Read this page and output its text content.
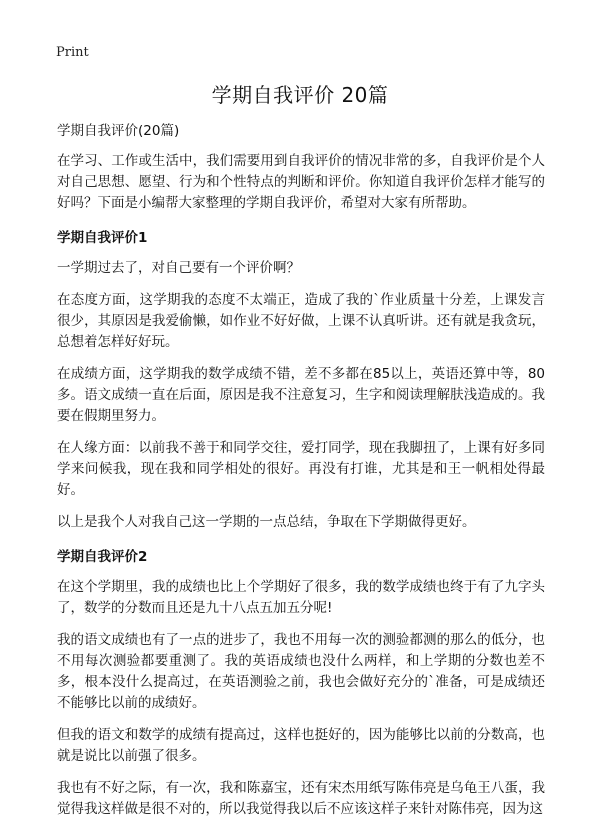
Print
学期自我评价 20篇

学期自我评价(20篇)

在学习、工作或生活中，我们需要用到自我评价的情况非常的多，自我评价是个人对自己思想、愿望、行为和个性特点的判断和评价。你知道自我评价怎样才能写的好吗？下面是小编帮大家整理的学期自我评价，希望对大家有所帮助。

学期自我评价1

一学期过去了，对自己要有一个评价啊？

在态度方面，这学期我的态度不太端正，造成了我的`作业质量十分差，上课发言很少，其原因是我爱偷懒，如作业不好好做，上课不认真听讲。还有就是我贪玩，总想着怎样好好玩。

在成绩方面，这学期我的数学成绩不错，差不多都在85以上，英语还算中等，80多。语文成绩一直在后面，原因是我不注意复习，生字和阅读理解肤浅造成的。我要在假期里努力。

在人缘方面：以前我不善于和同学交往，爱打同学，现在我脚扭了，上课有好多同学来问候我，现在我和同学相处的很好。再没有打谁，尤其是和王一帆相处得最好。

以上是我个人对我自己这一学期的一点总结，争取在下学期做得更好。

学期自我评价2

在这个学期里，我的成绩也比上个学期好了很多，我的数学成绩也终于有了九字头了，数学的分数而且还是九十八点五加五分呢!

我的语文成绩也有了一点的进步了，我也不用每一次的测验都测的那么的低分，也不用每次测验都要重测了。我的英语成绩也没什么两样，和上学期的分数也差不多，根本没什么提高过，在英语测验之前，我也会做好充分的`准备，可是成绩还不能够比以前的成绩好。

但我的语文和数学的成绩有提高过，这样也挺好的，因为能够比以前的分数高，也就是说比以前强了很多。

我也有不好之际，有一次，我和陈嘉宝，还有宋杰用纸写陈伟亮是乌龟王八蛋，我觉得我这样做是很不对的，所以我觉得我以后不应该这样子来针对陈伟亮，因为这
